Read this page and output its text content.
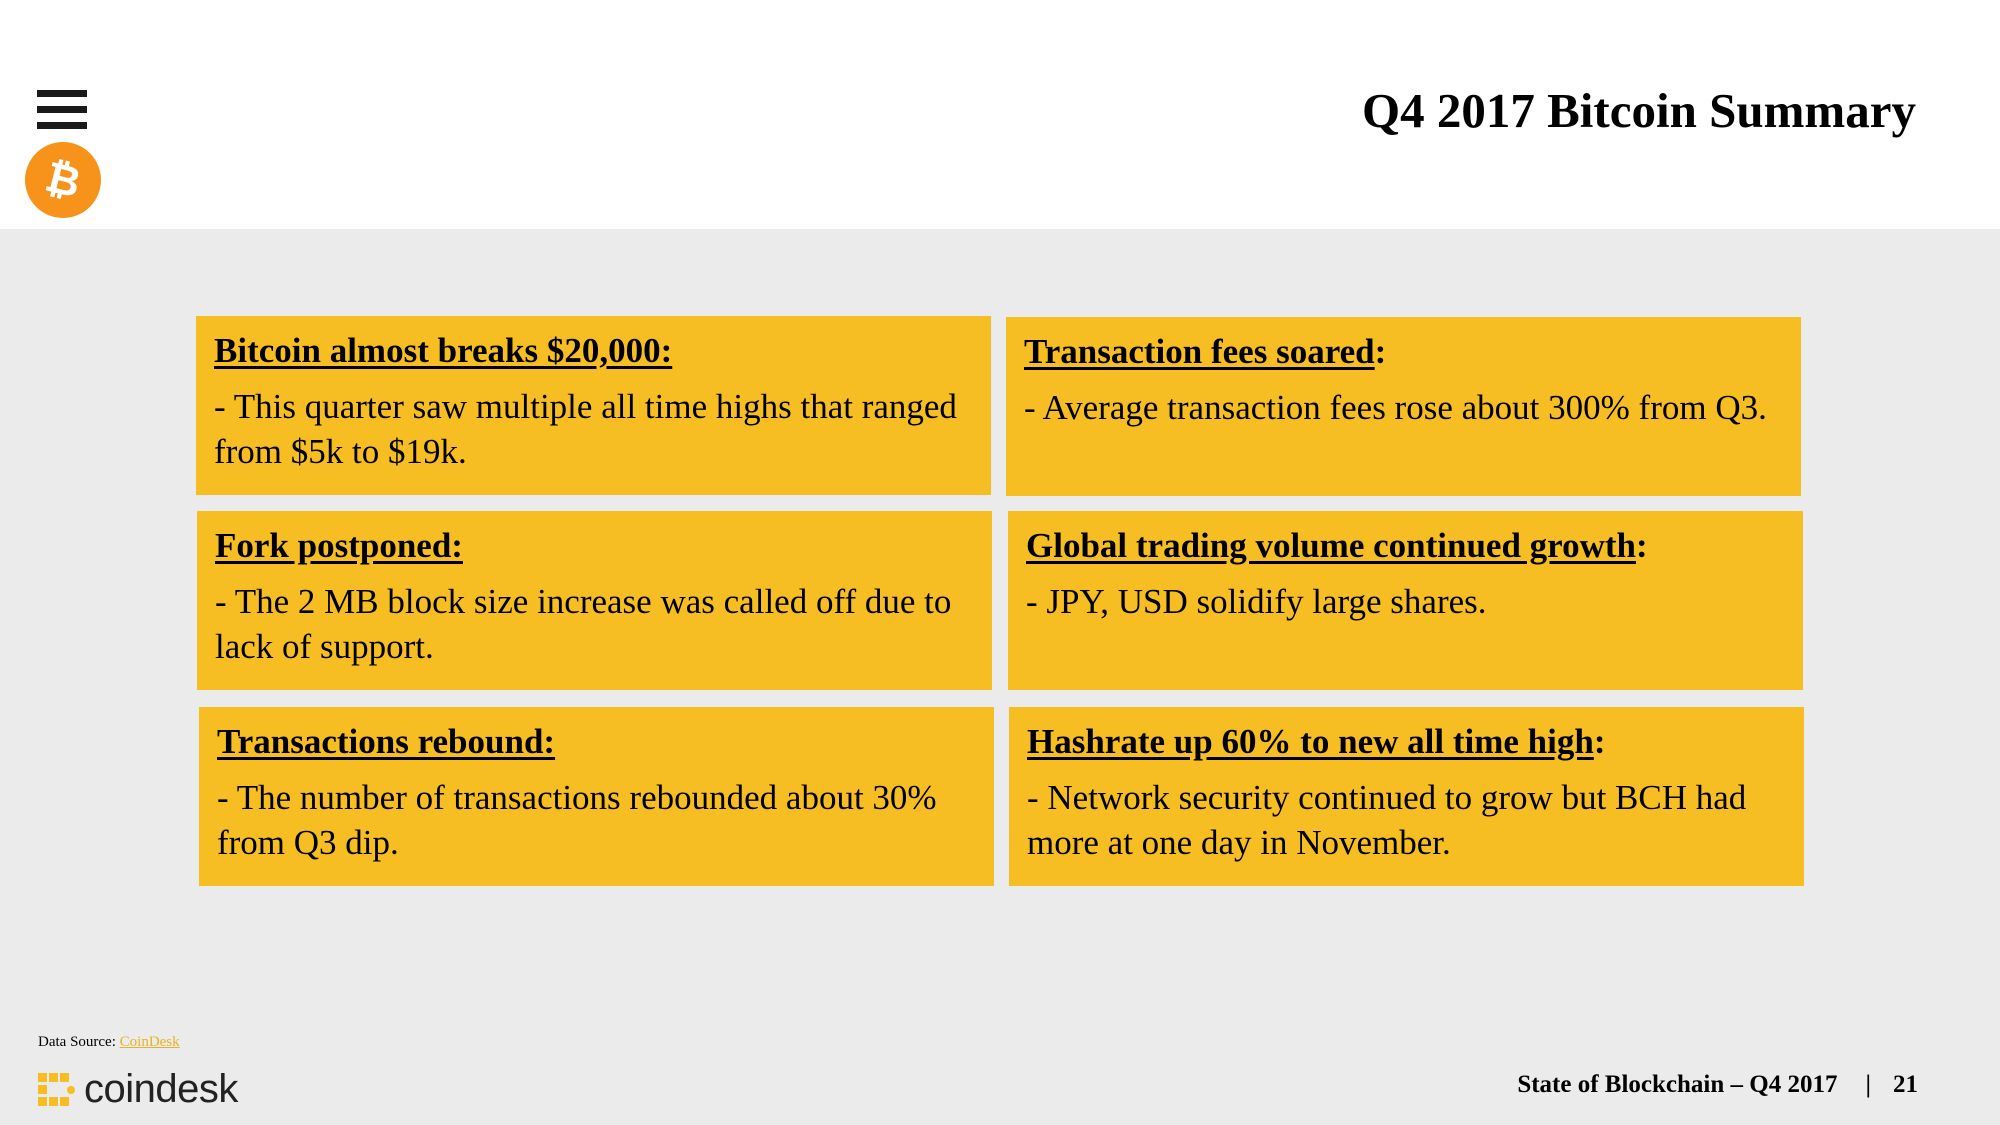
₿
Q4 2017 Bitcoin Summary

Bitcoin almost breaks $20,000:

- This quarter saw multiple all time highs that ranged from $5k to $19k.

Transaction fees soared:

- Average transaction fees rose about 300% from Q3.

Fork postponed:

- The 2 MB block size increase was called off due to lack of support.

Global trading volume continued growth:

- JPY, USD solidify large shares.

Transactions rebound:

- The number of transactions rebounded about 30% from Q3 dip.

Hashrate up 60% to new all time high:

- Network security continued to grow but BCH had more at one day in November.

Data Source: CoinDesk
coindesk	State of Blockchain – Q4 2017 | 21
